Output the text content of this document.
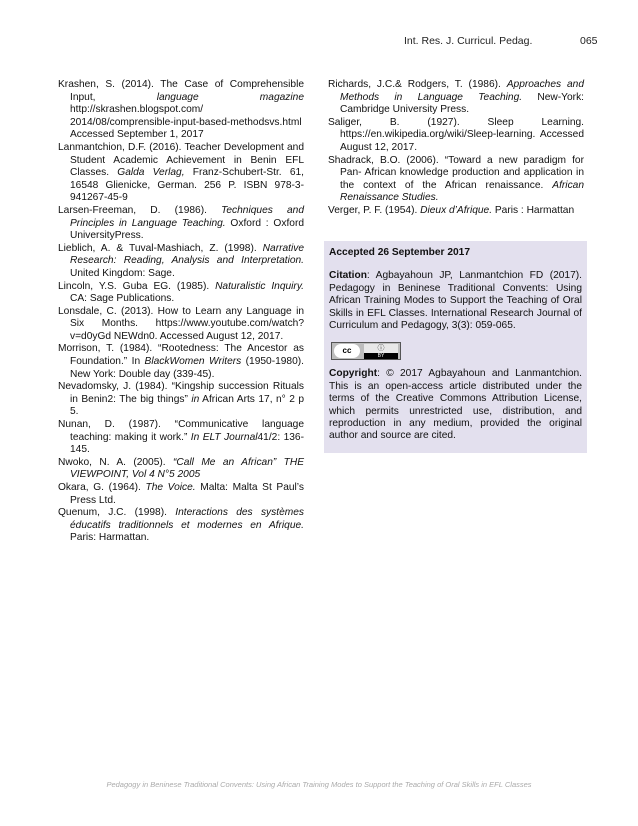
Int. Res. J. Curricul. Pedag.	065

Krashen, S. (2014). The Case of Comprehensible Input, language magazine http://skrashen.blogspot.com/ 2014/08/comprensible-input-based-methodsvs.html Accessed September 1, 2017

Lanmantchion, D.F. (2016). Teacher Development and Student Academic Achievement in Benin EFL Classes. Galda Verlag, Franz-Schubert-Str. 61, 16548 Glienicke, German. 256 P. ISBN 978-3-941267-45-9

Larsen-Freeman, D. (1986). Techniques and Principles in Language Teaching. Oxford : Oxford UniversityPress.

Lieblich, A. & Tuval-Mashiach, Z. (1998). Narrative Research: Reading, Analysis and Interpretation. United Kingdom: Sage.

Lincoln, Y.S. Guba EG. (1985). Naturalistic Inquiry. CA: Sage Publications.

Lonsdale, C. (2013). How to Learn any Language in Six Months. https://www.youtube.com/watch?v=d0yGd NEWdn0. Accessed August 12, 2017.

Morrison, T. (1984). “Rootedness: The Ancestor as Foundation.” In BlackWomen Writers (1950-1980). New York: Double day (339-45).

Nevadomsky, J. (1984). “Kingship succession Rituals in Benin2: The big things” in African Arts 17, n° 2 p 5.

Nunan, D. (1987). “Communicative language teaching: making it work.” In ELT Journal41/2: 136-145.

Nwoko, N. A. (2005). “Call Me an African” THE VIEWPOINT, Vol 4 N°5 2005

Okara, G. (1964). The Voice. Malta: Malta St Paul’s Press Ltd.

Quenum, J.C. (1998). Interactions des systèmes éducatifs traditionnels et modernes en Afrique. Paris: Harmattan.

Richards, J.C.& Rodgers, T. (1986). Approaches and Methods in Language Teaching. New-York: Cambridge University Press.

Saliger, B. (1927). Sleep Learning. https://en.wikipedia.org/wiki/Sleep-learning. Accessed August 12, 2017.

Shadrack, B.O. (2006). “Toward a new paradigm for Pan- African knowledge production and application in the context of the African renaissance. African Renaissance Studies.

Verger, P. F. (1954). Dieux d’Afrique. Paris : Harmattan

Accepted 26 September 2017

Citation: Agbayahoun JP, Lanmantchion FD (2017). Pedagogy in Beninese Traditional Convents: Using African Training Modes to Support the Teaching of Oral Skills in EFL Classes. International Research Journal of Curriculum and Pedagogy, 3(3): 059-065.

cc	ⓘ
BY

Copyright: © 2017 Agbayahoun and Lanmantchion. This is an open-access article distributed under the terms of the Creative Commons Attribution License, which permits unrestricted use, distribution, and reproduction in any medium, provided the original author and source are cited.

Pedagogy in Beninese Traditional Convents: Using African Training Modes to Support the Teaching of Oral Skills in EFL Classes
